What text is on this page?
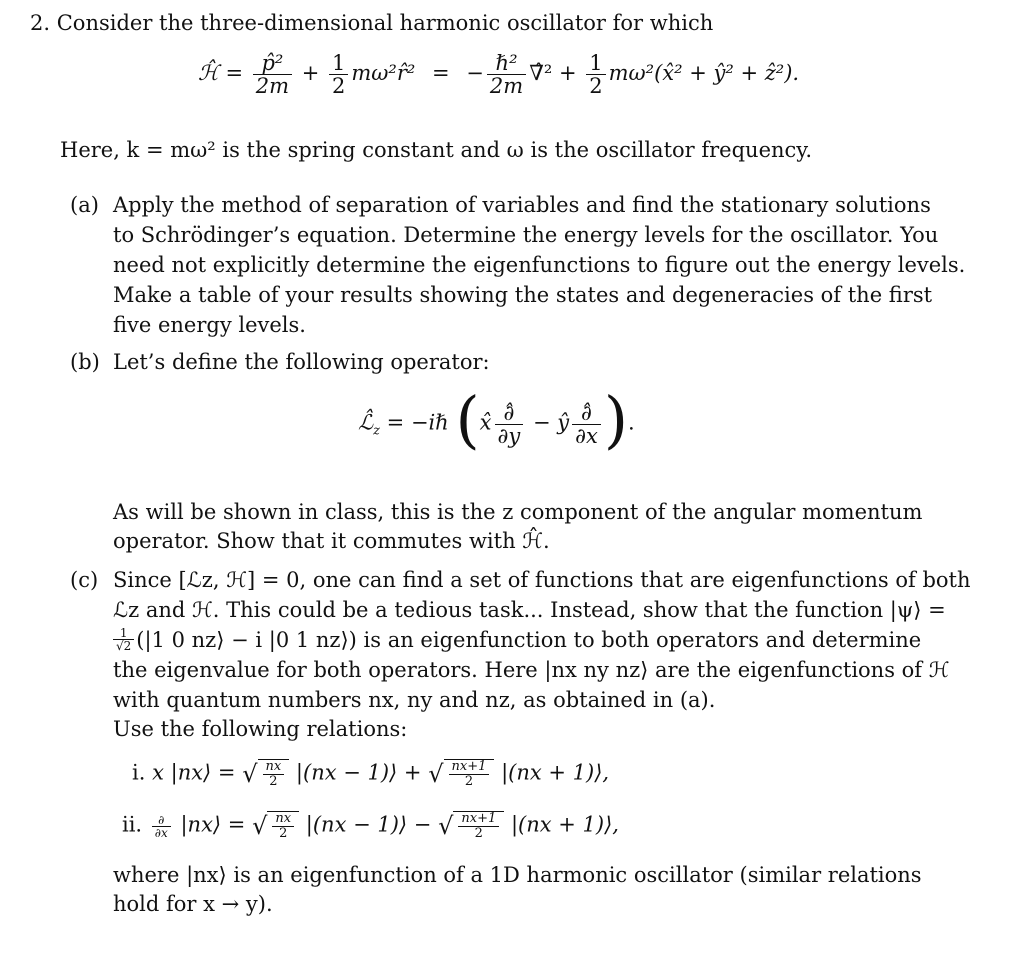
2. Consider the three-dimensional harmonic oscillator for which
ℋ̂ = $\frac{\text{p̂²}}{2m} + \frac{1}{2}$ mω²r̂² = − $\frac{\text{ℏ²}}{2m}$ ∇̂² + $\frac{1}{2}$ mω²(x̂² + ŷ² + ẑ²).
Here, k = mω² is the spring constant and ω is the oscillator frequency.
(a) Apply the method of separation of variables and find the stationary solutions
to Schrödinger’s equation. Determine the energy levels for the oscillator. You
need not explicitly determine the eigenfunctions to figure out the energy levels.
Make a table of your results showing the states and degeneracies of the first
five energy levels.
(b) Let’s define the following operator:
$ℒ̂_z$ = −iℏ (x̂ $\frac{\partial̂}{\partial y}$ − ŷ $\frac{\partial̂}{\partial x}$ ).
As will be shown in class, this is the z component of the angular momentum
operator. Show that it commutes with ℋ̂.
(c) Since [ℒz, ℋ] = 0, one can find a set of functions that are eigenfunctions of both
ℒz and ℋ. This could be a tedious task... Instead, show that the function |ψ⟩ =
$\frac{1}{√2} (|1$ 0 nz⟩ − i |0 1 nz⟩) is an eigenfunction to both operators and determine
the eigenvalue for both operators. Here |nx ny nz⟩ are the eigenfunctions of ℋ
with quantum numbers nx, ny and nz, as obtained in (a).
Use the following relations:
i. x |nx⟩ = √ $\frac{nx}{2} |(nx$ − 1)⟩ + √ $\frac{nx+1}{2} |(nx$ + 1)⟩,
ii. $\frac{\partial}{\partial x}$ |nx⟩ = √ $\frac{nx}{2} |(nx$ − 1)⟩ − √ $\frac{nx+1}{2} |(nx$ + 1)⟩,
where |nx⟩ is an eigenfunction of a 1D harmonic oscillator (similar relations
hold for x → y).
